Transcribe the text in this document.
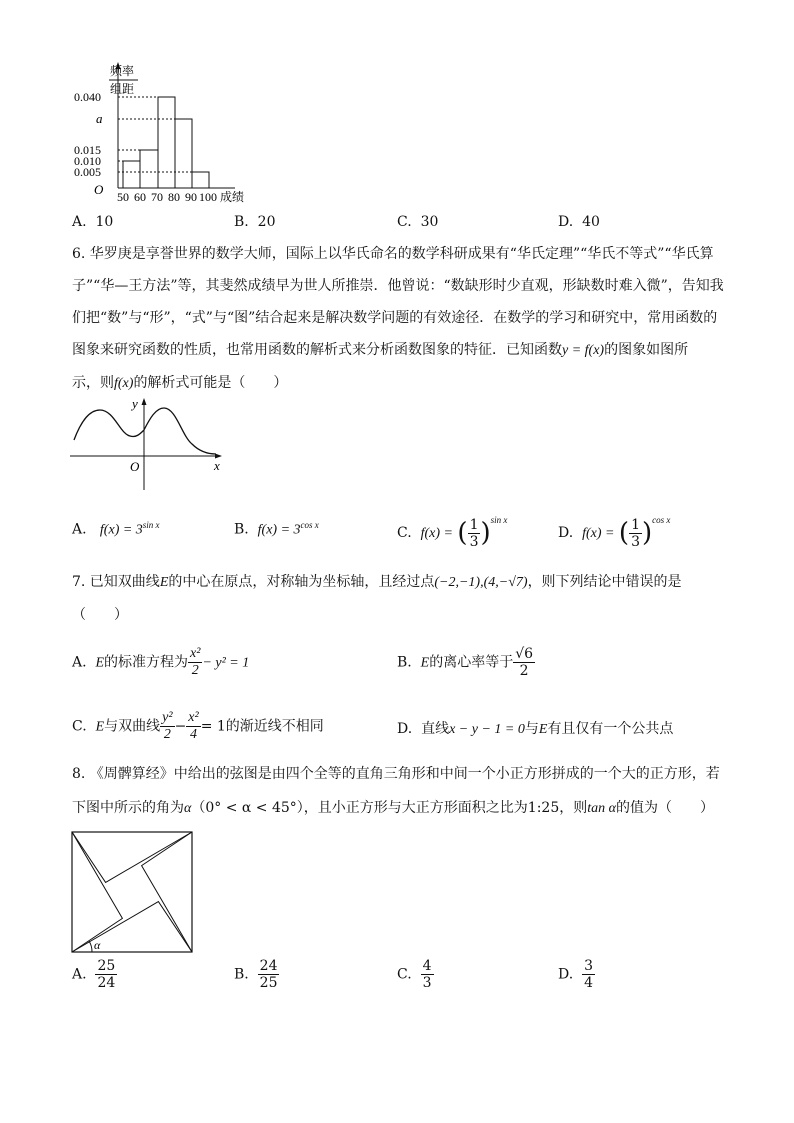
频率
组距
0.040
a
0.015
0.010
0.005
O 50 60 70 80 90 100 成绩
A. 10	B. 20	C. 30	D. 40
6. 华罗庚是享誉世界的数学大师，国际上以华氏命名的数学科研成果有“华氏定理”“华氏不等式”“华氏算
子”“华—王方法”等，其斐然成绩早为世人所推崇．他曾说：“数缺形时少直观，形缺数时难入微”，告知我
们把“数”与“形”，“式”与“图”结合起来是解决数学问题的有效途径．在数学的学习和研究中，常用函数的
图象来研究函数的性质，也常用函数的解析式来分析函数图象的特征．已知函数y = f(x)的图象如图所
示，则f(x)的解析式可能是（　　）
y
x
O
A. $f(x) = 3^{sin x}$	B. $f(x) = 3^{cos x}$	C. f(x) = ( $\frac{1}{3} )^{sin x}$
D. f(x) = ( $\frac{1}{3} )^{cos x}$
7. 已知双曲线E的中心在原点，对称轴为坐标轴，且经过点(−2,−1),(4,−√7)，则下列结论中错误的是
（　　）
A. E的标准方程为 $\frac{\text{x²}}{2} - y^2 = 1$	B. E的离心率等于 $\frac{√6}{2}$
C. E与双曲线 $\frac{\text{y²}}{2} - \frac{\text{x²}}{4} = 1$的渐近线不相同	D. 直线x − y − 1 = 0与E有且仅有一个公共点
8. 《周髀算经》中给出的弦图是由四个全等的直角三角形和中间一个小正方形拼成的一个大的正方形，若
下图中所示的角为α（0° < α < 45°），且小正方形与大正方形面积之比为1:25，则tan α的值为（　　）
α
A. $\frac{25}{24}$	B. $\frac{24}{25}$	C. $\frac{4}{3}$	D. $\frac{3}{4}$
